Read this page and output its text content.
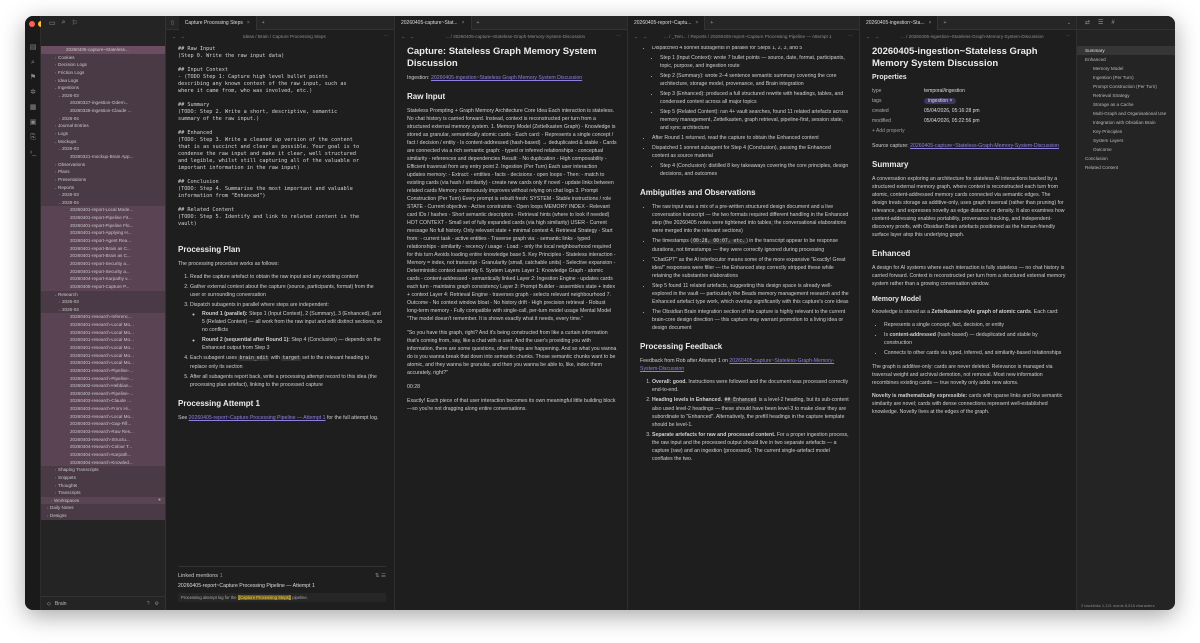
▤
⌕
⚑
✲
▦
▣
⎘
›_
▭ ⌕ ⚐
20260405-capture~Stateless...
› Cookies
› Decision Logs
› Friction Logs
› Idea Logs
⌄ Ingestions
⌄ 2026-03
20260327-ingestion-Odern...
20260328-ingestion-Claude ...
› 2026-04
› Journal Entries
› Logs
⌄ Mockups
⌄ 2026-03
20260321-mockup-Brain App...
› Observations
› Plans
› Presentations
⌄ Reports
› 2026-03
⌄ 2026-04
20260401-report-Local Mode...
20260401-report-Pipeline Fit...
20260401-report-Pipeline Flo...
20260401-report-Applying H...
20260401-report-Agent Rea...
20260401-report-Brain as C...
20260401-report-Brain as C...
20260401-report-Security a...
20260401-report-Security a...
20260404-report-Karpathy v...
20260405-report-Capture P...
⌄ Research
› 2026-03
⌄ 2026-04
20260401-research-Inferenc...
20260401-research-Local Mo...
20260401-research-Local Mo...
20260401-research-Local Mo...
20260401-research-Local Mo...
20260401-research-Local Mo...
20260401-research-Local Mo...
20260401-research-Pipeline-...
20260401-research-Pipeline-...
20260402-research-Hebbian...
20260402-research-Pipeline-...
20260403-research-Claude ...
20260403-research-From Hi...
20260403-research-Local Mo...
20260403-research-Gap-Fill...
20260403-research-Raw Res...
20260403-research-Structu...
20260404-research-Colour T...
20260404-research-Karpath...
20260404-research-Knowled...
› Shaping Transcripts
› Snippets
› Thoughts
› Transcripts
› Workspaces	●
› Daily Notes
› Designs
◇ Brain	? ⚙
▯	Capture Processing Steps ×	+
← →	Ideas / Brain / Capture Processing Steps	⋯
## Raw Input
(Step 0. Write the raw input data)
## Input Context
- (TODO Step 1: Capture high level bullet points
describing any known context of the raw input, such as
where it came from, who was involved, etc.)
## Summary
(TODO: Step 2. Write a short, descriptive, semantic
summary of the raw input.)
## Enhanced
(TODO: Step 3. Write a cleaned up version of the content
that is as succinct and clear as possible. Your goal is to
condense the raw input and make it clear, well structured
and legible, whilst still capturing all of the valuable or
important information in the raw input)
## Conclusion
(TODO: Step 4. Summarise the most important and valuable
information from "Enhanced")
## Related Content
(TODO: Step 5. Identify and link to related content in the
vault)
Processing Plan

The processing procedure works as follows:

1. Read the capture artefact to obtain the raw input and any existing content
2. Gather external context about the capture (source, participants, format) from the user or surrounding conversation
3. Dispatch subagents in parallel where steps are independent:
◦ Round 1 (parallel): Steps 1 (Input Context), 2 (Summary), 3 (Enhanced), and 5 (Related Content) — all work from the raw input and edit distinct sections, so no conflicts
◦ Round 2 (sequential after Round 1): Step 4 (Conclusion) — depends on the Enhanced output from Step 3
4. Each subagent uses brain_edit with target set to the relevant heading to replace only its section
5. After all subagents report back, write a processing attempt record to this idea (the processing plan artefact), linking to the processed capture
Processing Attempt 1

See 20260405-report~Capture Processing Pipeline — Attempt 1 for the full attempt log.

Linked mentions 1	⇅ ☰
20260405-report~Capture Processing Pipeline — Attempt 1
Processing attempt log for the [[Capture Processing Steps]] pipeline.
20260405-capture~Stat... ×	+
← →	... / 20260405-capture~Stateless-Graph-Memory-System-Discussion	⋯
Capture: Stateless Graph Memory System Discussion

Ingestion: 20260405-ingestion~Stateless Graph Memory System Discussion

Raw Input

Stateless Prompting + Graph Memory Architecture Core Idea Each interaction is stateless. No chat history is carried forward. Instead, context is reconstructed per turn from a structured external memory system. 1. Memory Model (Zettelkasten Graph) - Knowledge is stored as granular, semantically atomic cards - Each card: - Represents a single concept / fact / decision / entity - Is content-addressed (hash-based) → deduplicated & stable - Cards are connected via a rich semantic graph: - typed or inferred relationships - conceptual similarity - references and dependencies Result: - No duplication - High composability - Efficient traversal from any entry point 2. Ingestion (Per Turn) Each user interaction updates memory: - Extract: - entities - facts - decisions - open loops - Then: - match to existing cards (via hash / similarity) - create new cards only if novel - update links between related cards Memory continuously improves without relying on chat logs 3. Prompt Construction (Per Turn) Every prompt is rebuilt fresh: SYSTEM - Stable instructions / role STATE - Current objective - Active constraints - Open loops MEMORY INDEX - Relevant card IDs / hashes - Short semantic descriptors - Retrieval hints (where to look if needed) HOT CONTEXT - Small set of fully expanded cards (via high similarity) USER - Current message No full history. Only relevant state + minimal context 4. Retrieval Strategy - Start from: - current task - active entities - Traverse graph via: - semantic links - typed relationships - similarity - recency / usage - Load: - only the local neighbourhood required for this turn Avoids loading entire knowledge base 5. Key Principles - Stateless interaction - Memory = index, not transcript - Granularity (small, catchable units) - Selective expansion - Deterministic context assembly 6. System Layers Layer 1: Knowledge Graph - atomic cards - content-addressed - semantically linked Layer 2: Ingestion Engine - updates cards each turn - maintains graph consistency Layer 3: Prompt Builder - assembles state + index + context Layer 4: Retrieval Engine - traverses graph - selects relevant neighbourhood 7. Outcome - No context window bloat - No history drift - High precision retrieval - Robust long-term memory - Fully compatible with single-call, per-turn model usage Mental Model "The model doesn't remember. It is shown exactly what it needs, every time."

"So you have this graph, right? And it's being constructed from like a curtain information that's coming from, say, like a chat with a user. And the user's providing you with information, there are some questions, other things are happening. And so what you wanna do is you wanna break that down into semantic chunks. Those semantic chunks want to be atomic, and they wanna be granular, and then you wanna be able to, like, index them accurately, right?"

00:28

Exactly! Each piece of that user interaction becomes its own meaningful little building block—so you're not dragging along entire conversations.

20260405-report~Captu... ×	+
← →	... / _Tem... / Reports / 20260405-report~Capture Processing Pipeline — Attempt 1	⋯
• Dispatched 4 sonnet subagents in parallel for Steps 1, 2, 3, and 5
• Step 1 (Input Context): wrote 7 bullet points — source, date, format, participants, topic, purpose, and ingestion route
• Step 2 (Summary): wrote 2–4 sentence semantic summary covering the core architecture, storage model, provenance, and Brain integration
• Step 3 (Enhanced): produced a full structured rewrite with headings, tables, and condensed content across all major topics
• Step 5 (Related Content): ran 4+ vault searches, found 11 related artefacts across memory management, Zettelkasten, graph retrieval, pipeline-first, session state, and sync architecture
• After Round 1 returned, read the capture to obtain the Enhanced content
• Dispatched 1 sonnet subagent for Step 4 (Conclusion), passing the Enhanced content as source material
• Step 4 (Conclusion): distilled 8 key takeaways covering the core principles, design decisions, and outcomes
Ambiguities and Observations
• The raw input was a mix of a pre-written structured design document and a live conversation transcript — the two formats required different handling in the Enhanced step (the 20260405 notes were tightened into tables; the conversational elaborations were merged into the relevant sections)
• The timestamps (00:28, 00:07, etc.) in the transcript appear to be response durations, not timestamps — they were correctly ignored during processing
• "ChatGPT" as the AI interlocutor means some of the more expansive "Exactly! Great idea!" responses were filler — the Enhanced step correctly stripped these while retaining the substantive elaborations
• Step 5 found 11 related artefacts, suggesting this design space is already well-explored in the vault — particularly the Beads memory management research and the Enhanced artefact type work, which overlap significantly with this capture's core ideas
• The Obsidian Brain integration section of the capture is highly relevant to the current brain-core design direction — this capture may warrant promotion to a living idea or design document
Processing Feedback

Feedback from Rob after Attempt 1 on 20260405-capture~Stateless-Graph-Memory-System-Discussion

1. Overall: good. Instructions were followed and the document was processed correctly end-to-end.
2. Heading levels in Enhanced. ## Enhanced is a level-2 heading, but its sub-content also used level-2 headings — these should have been level-3 to make clear they are subordinate to "Enhanced". Alternatively, the prefill headings in the capture template should be level-1.
3. Separate artefacts for raw and processed content. For a proper ingestion process, the raw input and the processed output should live in two separate artefacts — a capture (raw) and an ingestion (processed). The current single-artefact model conflates the two.
20260405-ingestion~Sta... ×	+	⌄
← →	... / 20260405-ingestion~Stateless-Graph-Memory-System-Discussion	⋯
20260405-ingestion~Stateless Graph Memory System Discussion
Properties
type	temporal/ingestion
tags	ingestion ×
created	05/04/2026, 05:16:28 pm
modified	05/04/2026, 05:22:56 pm
+ Add property

Source capture: 20260405-capture~Stateless-Graph-Memory-System-Discussion

Summary

A conversation exploring an architecture for stateless AI interactions backed by a structured external memory graph, where context is reconstructed each turn from atomic, content-addressed memory cards connected via semantic edges. The design treats storage as additive-only, uses graph traversal (rather than pruning) for relevance, and expresses novelty as edge distance or density. It also examines how content-addressing enables portability, provenance tracking, and independent-discovery proofs, with Obsidian Brain artefacts positioned as the human-friendly surface layer atop this underlying graph.

Enhanced

A design for AI systems where each interaction is fully stateless — no chat history is carried forward. Context is reconstructed per turn from a structured external memory system rather than a growing conversation window.

Memory Model

Knowledge is stored as a Zettelkasten-style graph of atomic cards. Each card:

• Represents a single concept, fact, decision, or entity
• Is content-addressed (hash-based) — deduplicated and stable by construction
• Connects to other cards via typed, inferred, and similarity-based relationships

The graph is additive-only: cards are never deleted. Relevance is managed via traversal weight and archival demotion, not removal. Most new information recombines existing cards — true novelty only adds new atoms.

Novelty is mathematically expressible: cards with sparse links and low semantic similarity are novel; cards with dense connections represent well-established knowledge. Novelty lives at the edges of the graph.

⇄ ☰ #
Summary
Enhanced
Memory Model
Ingestion (Per Turn)
Prompt Construction (Per Turn)
Retrieval Strategy
Storage as a Cache
Multi-Graph and Organisational Use
Integration with Obsidian Brain
Key Principles
System Layers
Outcome
Conclusion
Related Content
2 backlinks 1,121 words 8,518 characters
